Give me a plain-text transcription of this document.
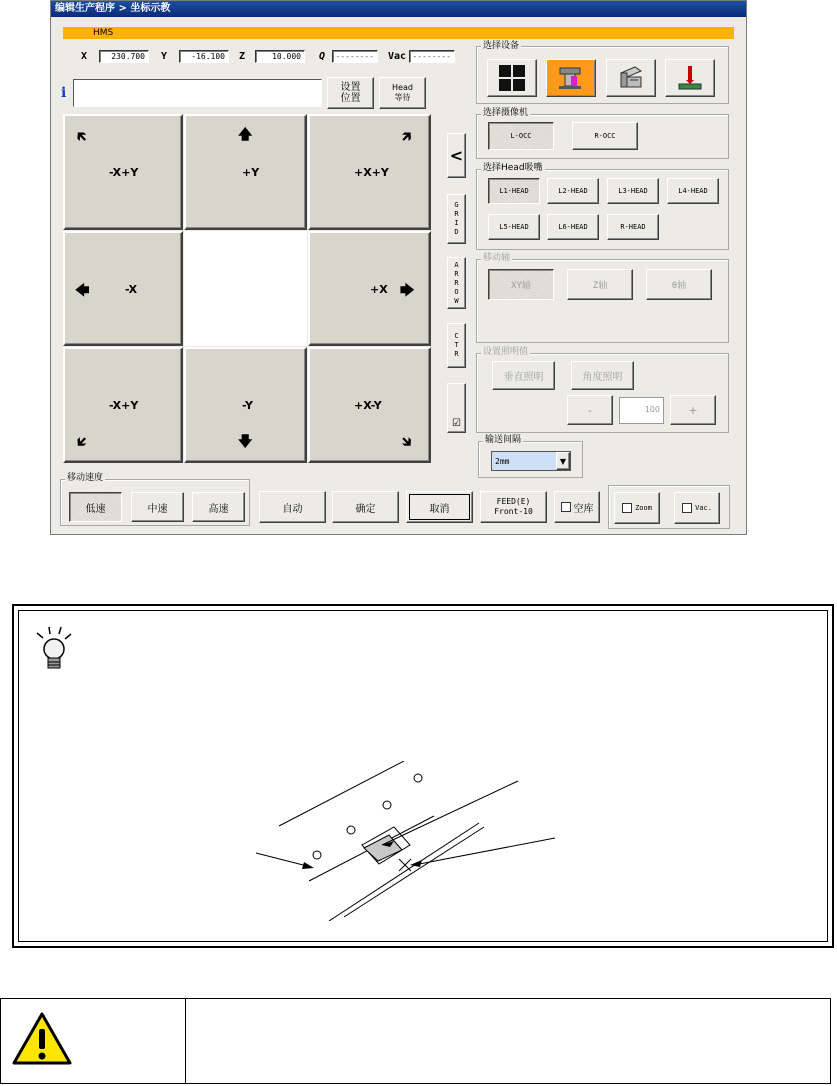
编辑生产程序 > 坐标示教
HMS
X	230.700	Y	-16.100	Z	10.000	Q	--------	Vac --------
i	设置
位置
Head
等待
🡴
-X+Y
🡅
+Y
🡵
+X+Y
🡄	-X	+X 🡆
-X+Y
🡷
-Y
🡇
+X-Y
🡶
<
G
R
I
D
A
R
R
O
W
C
T
R
☑
选择设备
选择摄像机
L-OCC	R-OCC
选择Head吸嘴
L1-HEAD	L2-HEAD	L3-HEAD	L4-HEAD
L5-HEAD	L6-HEAD	R-HEAD
移动轴
XY轴	Z轴	θ轴
设置照明值
垂直照明	角度照明
-	100	+
输送间隔
2mm	▼
移动速度
低速	中速	高速	自动	确定	取消
FEED(E)
Front-10	空库	Zoom	Vac.
